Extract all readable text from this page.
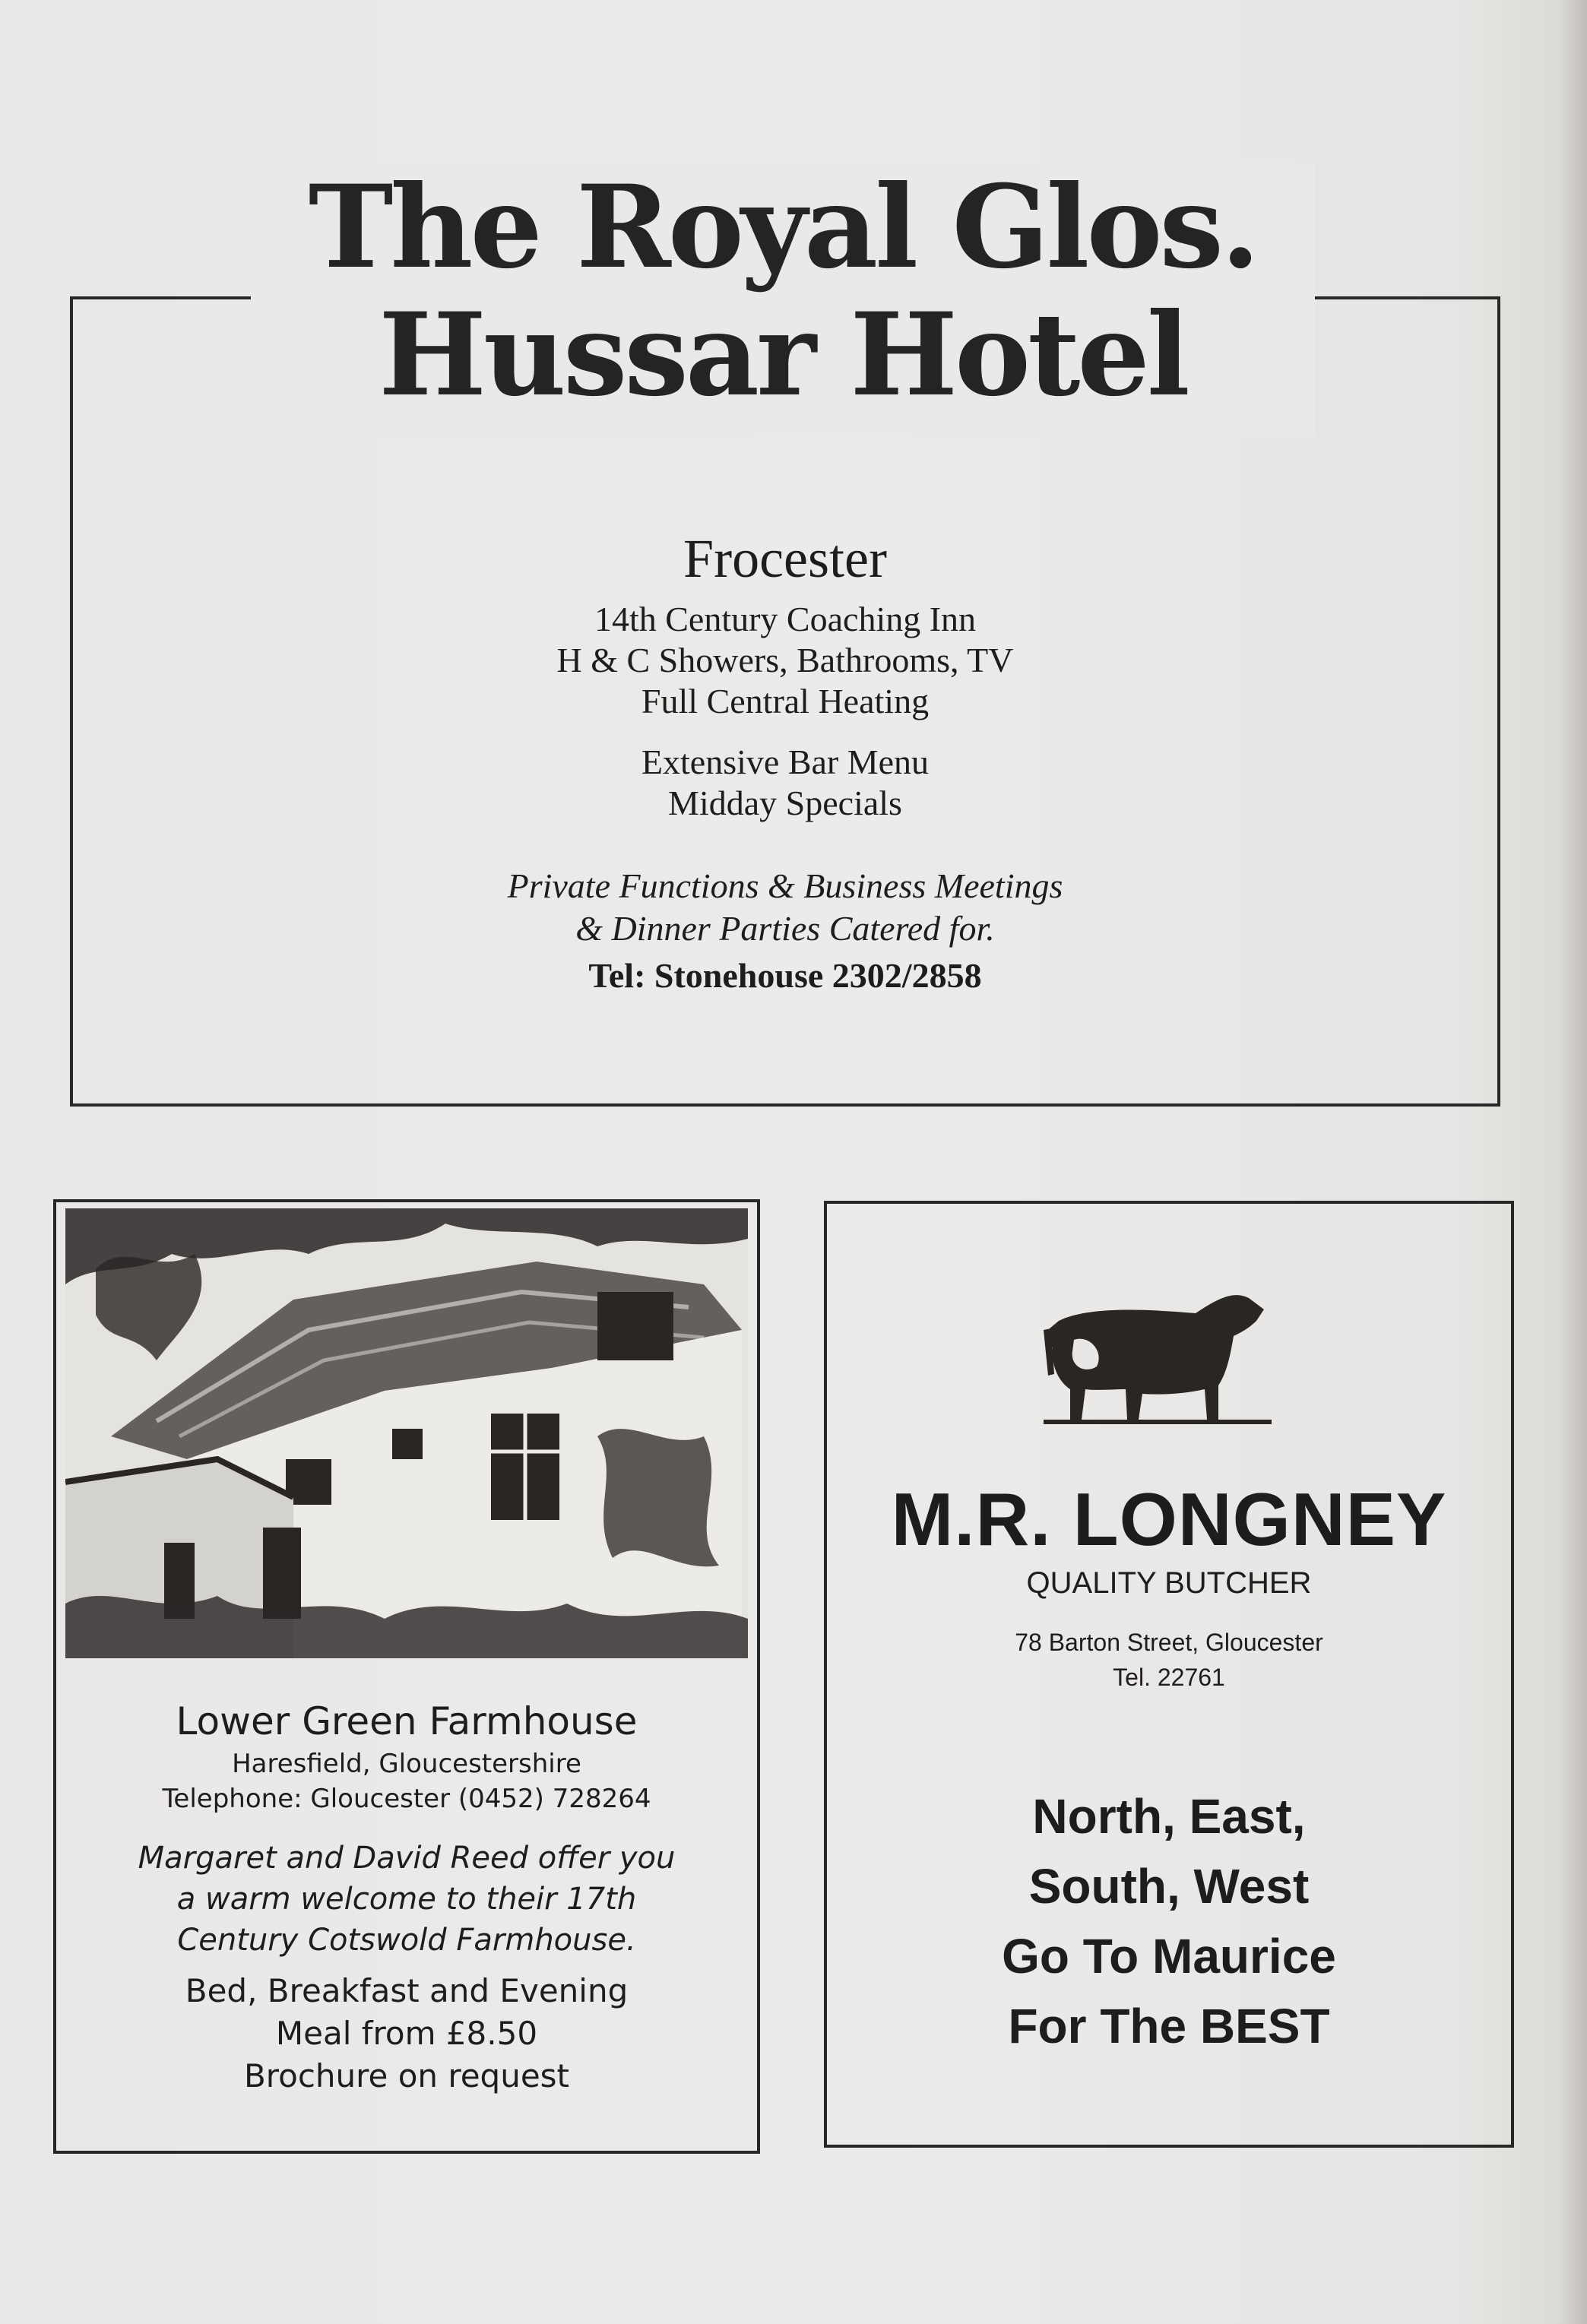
The Royal Glos.

Hussar Hotel

Frocester

14th Century Coaching Inn

H & C Showers, Bathrooms, TV

Full Central Heating

Extensive Bar Menu

Midday Specials

Private Functions & Business Meetings

& Dinner Parties Catered for.

Tel: Stonehouse 2302/2858

Lower Green Farmhouse

Haresfield, Gloucestershire

Telephone: Gloucester (0452) 728264

Margaret and David Reed offer you

a warm welcome to their 17th

Century Cotswold Farmhouse.

Bed, Breakfast and Evening

Meal from £8.50

Brochure on request

M.R. LONGNEY

QUALITY BUTCHER

78 Barton Street, Gloucester

Tel. 22761

North, East,
South, West
Go To Maurice
For The BEST
